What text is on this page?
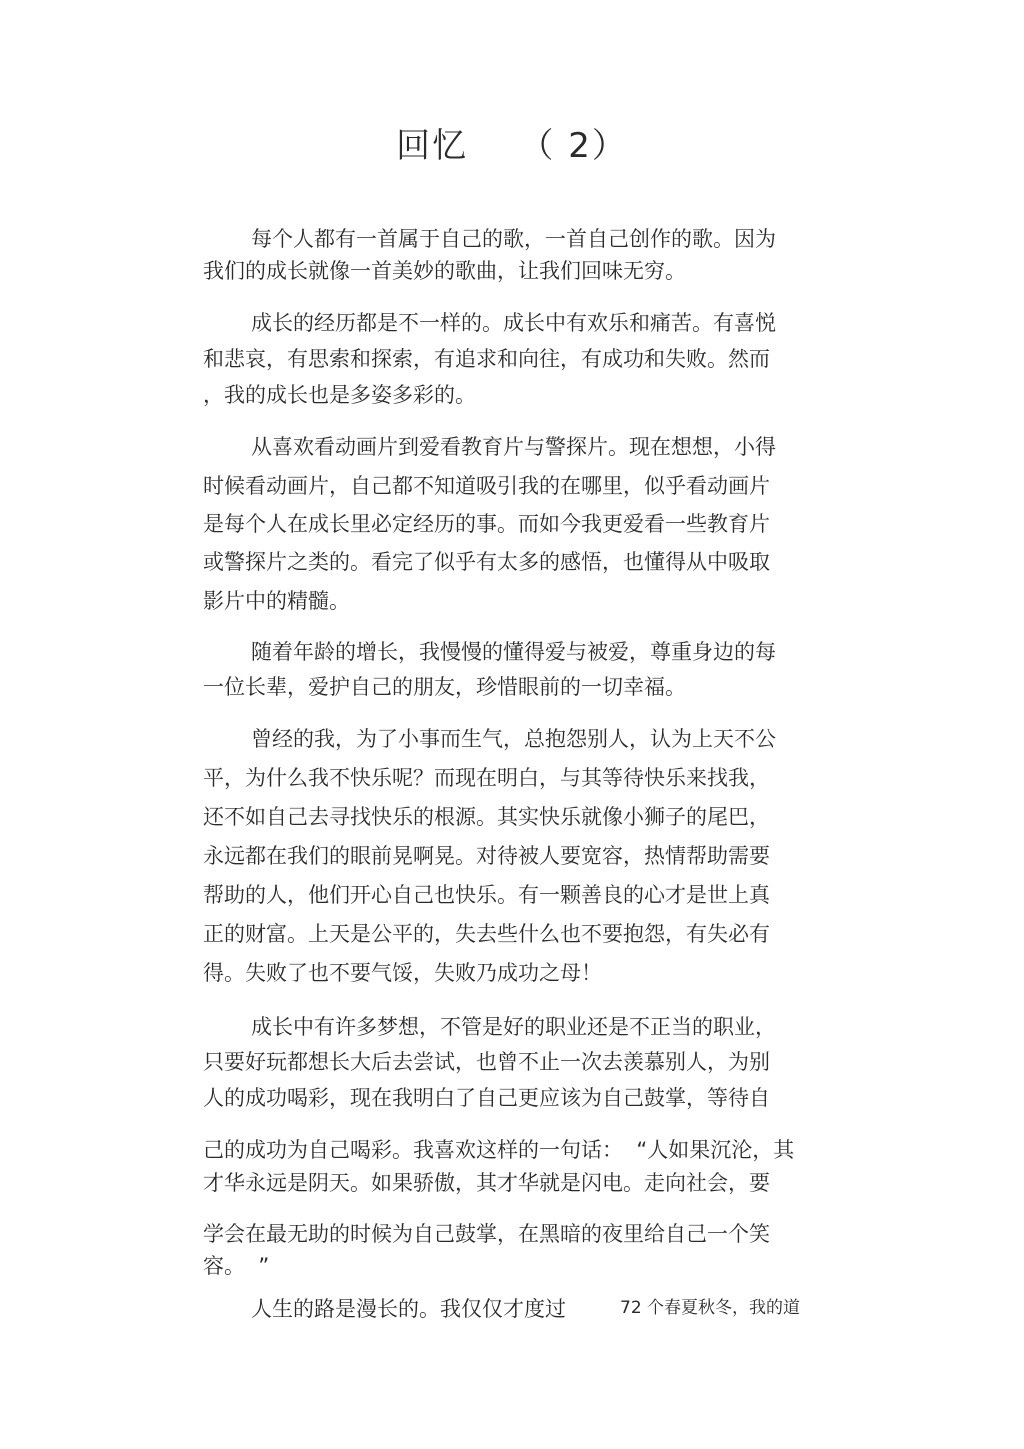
回忆    （ 2）
每个人都有一首属于自己的歌，一首自己创作的歌。因为
我们的成长就像一首美妙的歌曲，让我们回味无穷。
成长的经历都是不一样的。成长中有欢乐和痛苦。有喜悦
和悲哀，有思索和探索，有追求和向往，有成功和失败。然而
，我的成长也是多姿多彩的。
从喜欢看动画片到爱看教育片与警探片。现在想想，小得
时候看动画片，自己都不知道吸引我的在哪里，似乎看动画片
是每个人在成长里必定经历的事。而如今我更爱看一些教育片
或警探片之类的。看完了似乎有太多的感悟，也懂得从中吸取
影片中的精髓。
随着年龄的增长，我慢慢的懂得爱与被爱，尊重身边的每
一位长辈，爱护自己的朋友，珍惜眼前的一切幸福。
曾经的我，为了小事而生气，总抱怨别人，认为上天不公
平，为什么我不快乐呢？而现在明白，与其等待快乐来找我，
还不如自己去寻找快乐的根源。其实快乐就像小狮子的尾巴，
永远都在我们的眼前晃啊晃。对待被人要宽容，热情帮助需要
帮助的人，他们开心自己也快乐。有一颗善良的心才是世上真
正的财富。上天是公平的，失去些什么也不要抱怨，有失必有
得。失败了也不要气馁，失败乃成功之母！
成长中有许多梦想，不管是好的职业还是不正当的职业，
只要好玩都想长大后去尝试，也曾不止一次去羡慕别人，为别
人的成功喝彩，现在我明白了自己更应该为自己鼓掌，等待自
己的成功为自己喝彩。我喜欢这样的一句话：  “人如果沉沦，其
才华永远是阴天。如果骄傲，其才华就是闪电。走向社会，要
学会在最无助的时候为自己鼓掌，在黑暗的夜里给自己一个笑
容。  ”
人生的路是漫长的。我仅仅才度过	72 个春夏秋冬，我的道
